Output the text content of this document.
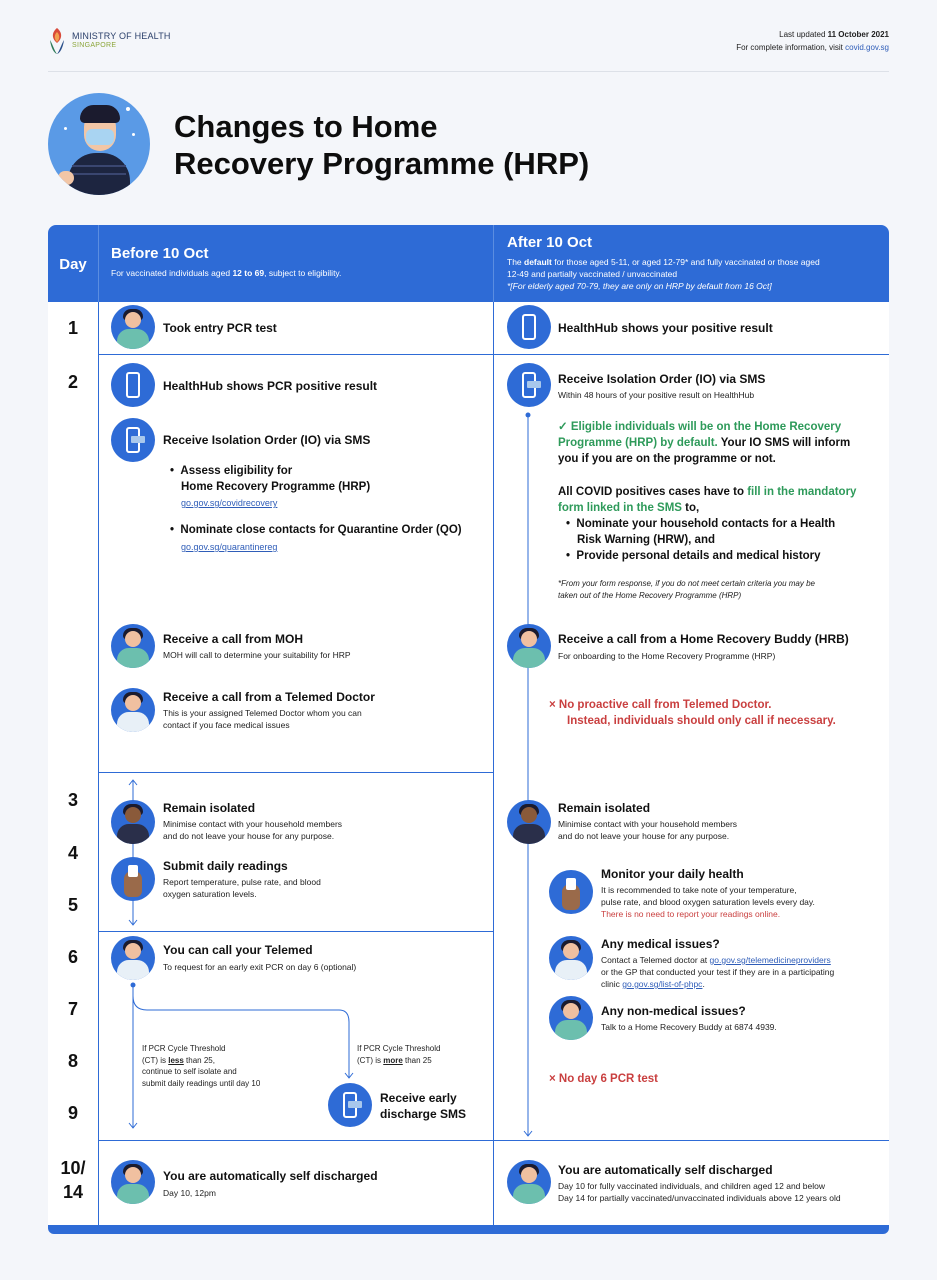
MINISTRY OF HEALTH
SINGAPORE
Last updated 11 October 2021
For complete information, visit covid.gov.sg
Changes to Home
Recovery Programme (HRP)
Day
Before 10 Oct
For vaccinated individuals aged 12 to 69, subject to eligibility.
After 10 Oct
The default for those aged 5-11, or aged 12-79* and fully vaccinated or those aged
12-49 and partially vaccinated / unvaccinated
*[For elderly aged 70-79, they are only on HRP by default from 16 Oct]
1
2
3
4
5
6
7
8
9
10/
14
Took entry PCR test
HealthHub shows PCR positive result
Receive Isolation Order (IO) via SMS
•  Assess eligibility for
Home Recovery Programme (HRP)
go.gov.sg/covidrecovery
•  Nominate close contacts for Quarantine Order (QO)
go.gov.sg/quarantinereg
Receive a call from MOH
MOH will call to determine your suitability for HRP
Receive a call from a Telemed Doctor
This is your assigned Telemed Doctor whom you can
contact if you face medical issues
Remain isolated
Minimise contact with your household members
and do not leave your house for any purpose.
Submit daily readings
Report temperature, pulse rate, and blood
oxygen saturation levels.
You can call your Telemed
To request for an early exit PCR on day 6 (optional)
If PCR Cycle Threshold
(CT) is less than 25,
continue to self isolate and
submit daily readings until day 10
If PCR Cycle Threshold
(CT) is more than 25
Receive early
discharge SMS
You are automatically self discharged
Day 10, 12pm
HealthHub shows your positive result
Receive Isolation Order (IO) via SMS
Within 48 hours of your positive result on HealthHub
✓ Eligible individuals will be on the Home Recovery
Programme (HRP) by default. Your IO SMS will inform
you if you are on the programme or not.
All COVID positives cases have to fill in the mandatory
form linked in the SMS to,
•  Nominate your household contacts for a Health
Risk Warning (HRW), and
•  Provide personal details and medical history
*From your form response, if you do not meet certain criteria you may be
taken out of the Home Recovery Programme (HRP)
Receive a call from a Home Recovery Buddy (HRB)
For onboarding to the Home Recovery Programme (HRP)
× No proactive call from Telemed Doctor.
Instead, individuals should only call if necessary.
Remain isolated
Minimise contact with your household members
and do not leave your house for any purpose.
Monitor your daily health
It is recommended to take note of your temperature,
pulse rate, and blood oxygen saturation levels every day.
There is no need to report your readings online.
Any medical issues?
Contact a Telemed doctor at go.gov.sg/telemedicineproviders
or the GP that conducted your test if they are in a participating
clinic go.gov.sg/list-of-phpc.
Any non-medical issues?
Talk to a Home Recovery Buddy at 6874 4939.
× No day 6 PCR test
You are automatically self discharged
Day 10 for fully vaccinated individuals, and children aged 12 and below
Day 14 for partially vaccinated/unvaccinated individuals above 12 years old
